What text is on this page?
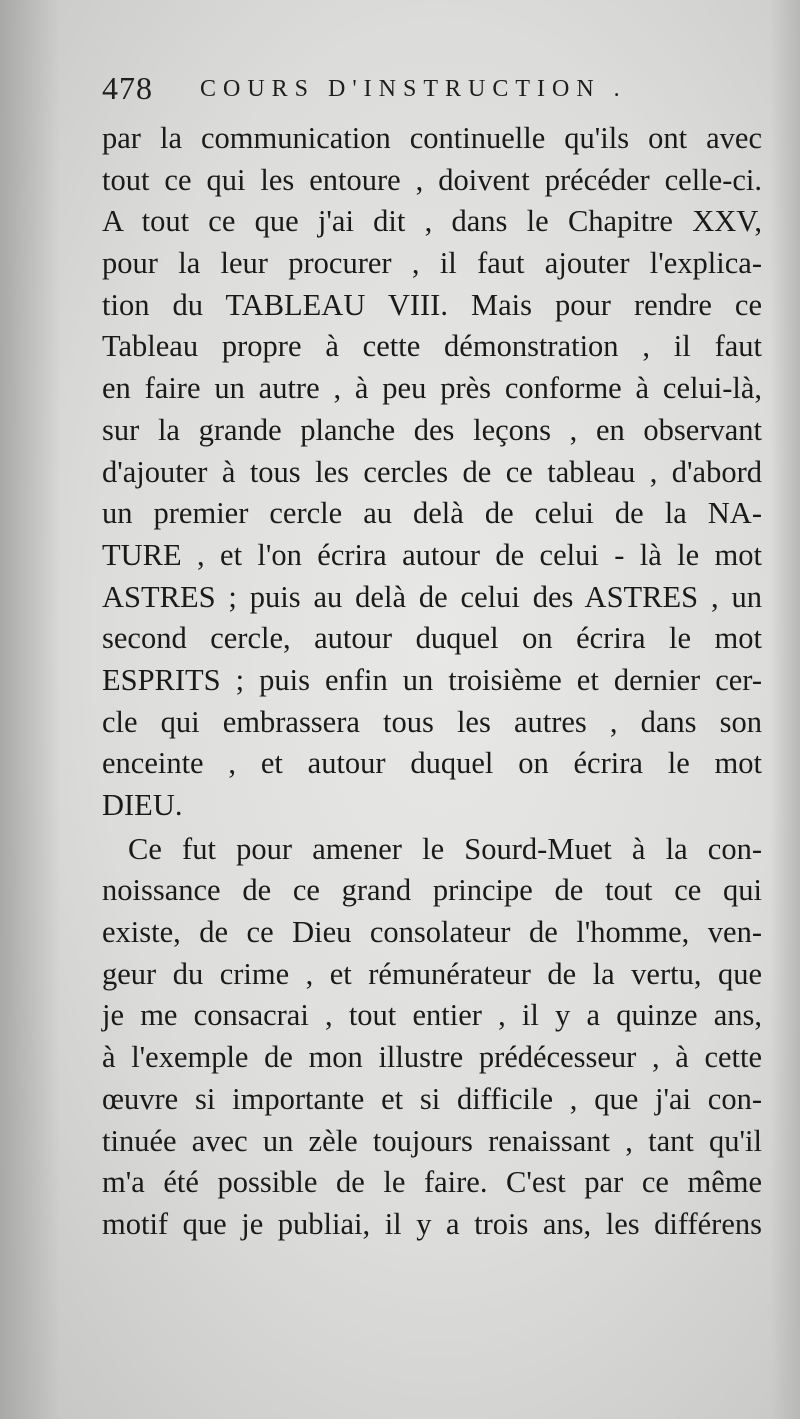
478 COURS D'INSTRUCTION .
par la communication continuelle qu'ils ont avec
tout ce qui les entoure , doivent précéder celle-ci.
A tout ce que j'ai dit , dans le Chapitre XXV,
pour la leur procurer , il faut ajouter l'explica-
tion du TABLEAU VIII. Mais pour rendre ce
Tableau propre à cette démonstration , il faut
en faire un autre , à peu près conforme à celui-là,
sur la grande planche des leçons , en observant
d'ajouter à tous les cercles de ce tableau , d'abord
un premier cercle au delà de celui de la NA-
TURE , et l'on écrira autour de celui - là le mot
ASTRES ; puis au delà de celui des ASTRES , un
second cercle, autour duquel on écrira le mot
ESPRITS ; puis enfin un troisième et dernier cer-
cle qui embrassera tous les autres , dans son
enceinte , et autour duquel on écrira le mot
DIEU.
Ce fut pour amener le Sourd-Muet à la con-
noissance de ce grand principe de tout ce qui
existe, de ce Dieu consolateur de l'homme, ven-
geur du crime , et rémunérateur de la vertu, que
je me consacrai , tout entier , il y a quinze ans,
à l'exemple de mon illustre prédécesseur , à cette
œuvre si importante et si difficile , que j'ai con-
tinuée avec un zèle toujours renaissant , tant qu'il
m'a été possible de le faire. C'est par ce même
motif que je publiai, il y a trois ans, les différens
